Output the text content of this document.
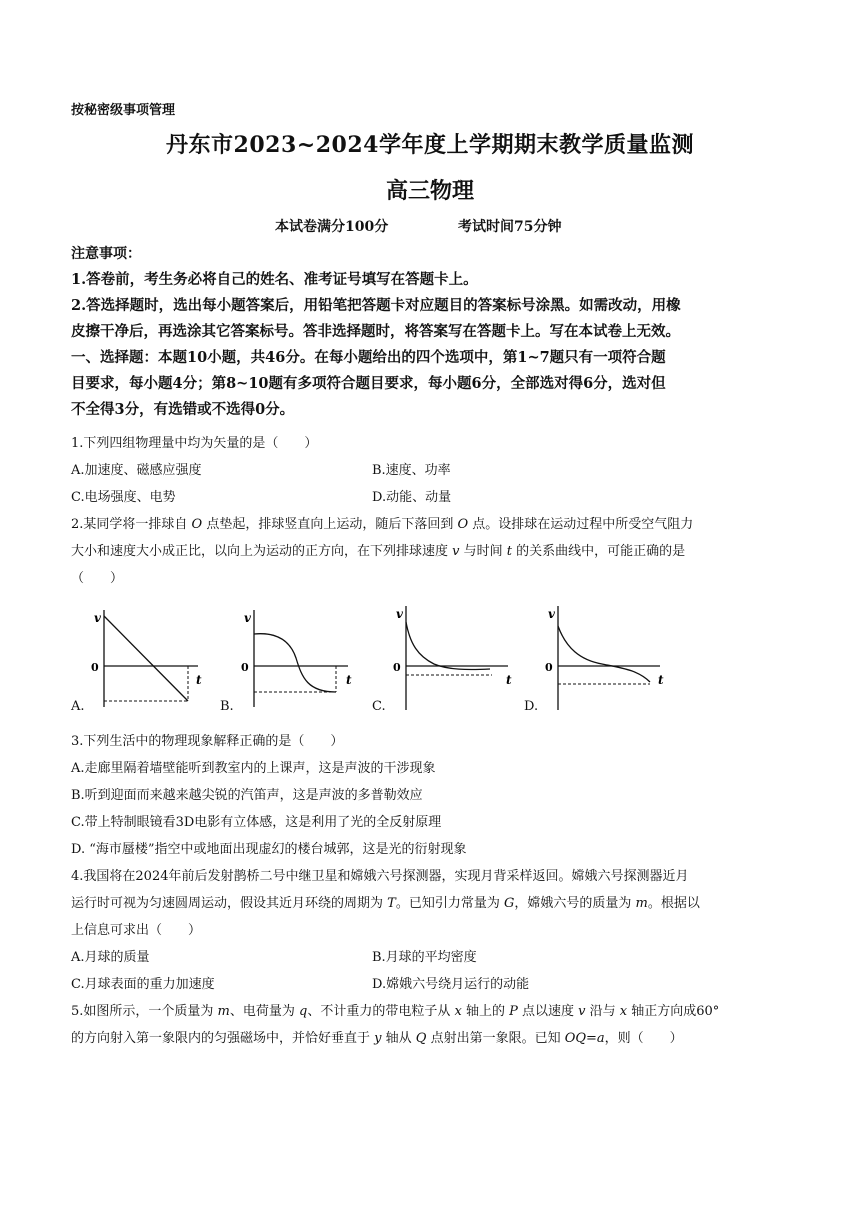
按秘密级事项管理
丹东市2023~2024学年度上学期期末教学质量监测
高三物理
本试卷满分100分	考试时间75分钟
注意事项：
1.答卷前，考生务必将自己的姓名、准考证号填写在答题卡上。
2.答选择题时，选出每小题答案后，用铅笔把答题卡对应题目的答案标号涂黑。如需改动，用橡
皮擦干净后，再选涂其它答案标号。答非选择题时，将答案写在答题卡上。写在本试卷上无效。
一、选择题：本题10小题，共46分。在每小题给出的四个选项中，第1~7题只有一项符合题
目要求，每小题4分；第8~10题有多项符合题目要求，每小题6分，全部选对得6分，选对但
不全得3分，有选错或不选得0分。
1.下列四组物理量中均为矢量的是（　　）
A.加速度、磁感应强度	B.速度、功率
C.电场强度、电势	D.动能、动量
2.某同学将一排球自 O 点垫起，排球竖直向上运动，随后下落回到 O 点。设排球在运动过程中所受空气阻力
大小和速度大小成正比，以向上为运动的正方向，在下列排球速度 v 与时间 t 的关系曲线中，可能正确的是
（　　）
v
t
0
v
t
0
v
t
0
v
t
0
A.	B.	C.	D.
3.下列生活中的物理现象解释正确的是（　　）
A.走廊里隔着墙壁能听到教室内的上课声，这是声波的干涉现象
B.听到迎面而来越来越尖锐的汽笛声，这是声波的多普勒效应
C.带上特制眼镜看3D电影有立体感，这是利用了光的全反射原理
D. “海市蜃楼”指空中或地面出现虚幻的楼台城郭，这是光的衍射现象
4.我国将在2024年前后发射鹊桥二号中继卫星和嫦娥六号探测器，实现月背采样返回。嫦娥六号探测器近月
运行时可视为匀速圆周运动，假设其近月环绕的周期为 T。已知引力常量为 G，嫦娥六号的质量为 m。根据以
上信息可求出（　　）
A.月球的质量	B.月球的平均密度
C.月球表面的重力加速度	D.嫦娥六号绕月运行的动能
5.如图所示，一个质量为 m、电荷量为 q、不计重力的带电粒子从 x 轴上的 P 点以速度 v 沿与 x 轴正方向成60°
的方向射入第一象限内的匀强磁场中，并恰好垂直于 y 轴从 Q 点射出第一象限。已知 OQ=a，则（　　）
